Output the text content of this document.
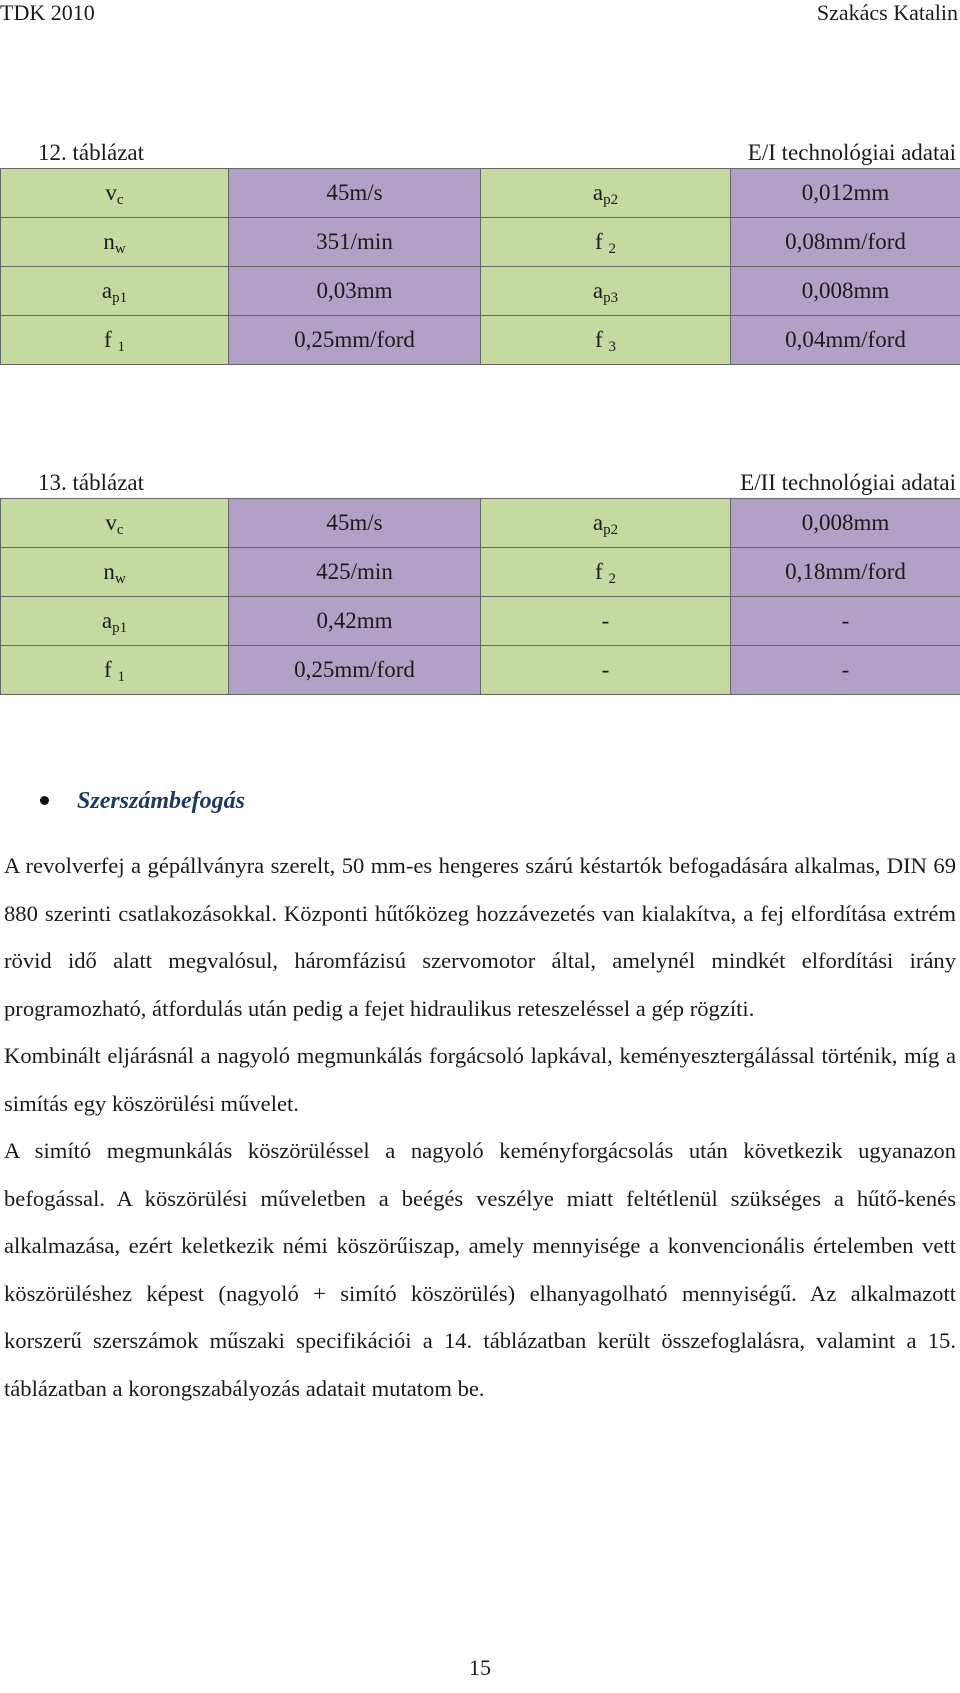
TDK 2010	Szakács Katalin
12. táblázat	E/I technológiai adatai
$v_c$	45m/s	$a_{p2}$	0,012mm
$n_w$	351/min	f $_2$	0,08mm/ford
$a_{p1}$	0,03mm	$a_{p3}$	0,008mm
f $_1$	0,25mm/ford	f $_3$	0,04mm/ford
13. táblázat	E/II technológiai adatai
$v_c$	45m/s	$a_{p2}$	0,008mm
$n_w$	425/min	f $_2$	0,18mm/ford
$a_{p1}$	0,42mm	-	-
f $_1$	0,25mm/ford	-	-
Szerszámbefogás

A revolverfej a gépállványra szerelt, 50 mm-es hengeres szárú késtartók befogadására alkalmas, DIN 69 880 szerinti csatlakozásokkal. Központi hűtőközeg hozzávezetés van kialakítva, a fej elfordítása extrém rövid idő alatt megvalósul, háromfázisú szervomotor által, amelynél mindkét elfordítási irány programozható, átfordulás után pedig a fejet hidraulikus reteszeléssel a gép rögzíti.

Kombinált eljárásnál a nagyoló megmunkálás forgácsoló lapkával, keményesztergálással történik, míg a simítás egy köszörülési művelet.

A simító megmunkálás köszörüléssel a nagyoló keményforgácsolás után következik ugyanazon befogással. A köszörülési műveletben a beégés veszélye miatt feltétlenül szükséges a hűtő-kenés alkalmazása, ezért keletkezik némi köszörűiszap, amely mennyisége a konvencionális értelemben vett köszörüléshez képest (nagyoló + simító köszörülés) elhanyagolható mennyiségű. Az alkalmazott korszerű szerszámok műszaki specifikációi a 14. táblázatban került összefoglalásra, valamint a 15. táblázatban a korongszabályozás adatait mutatom be.

15
